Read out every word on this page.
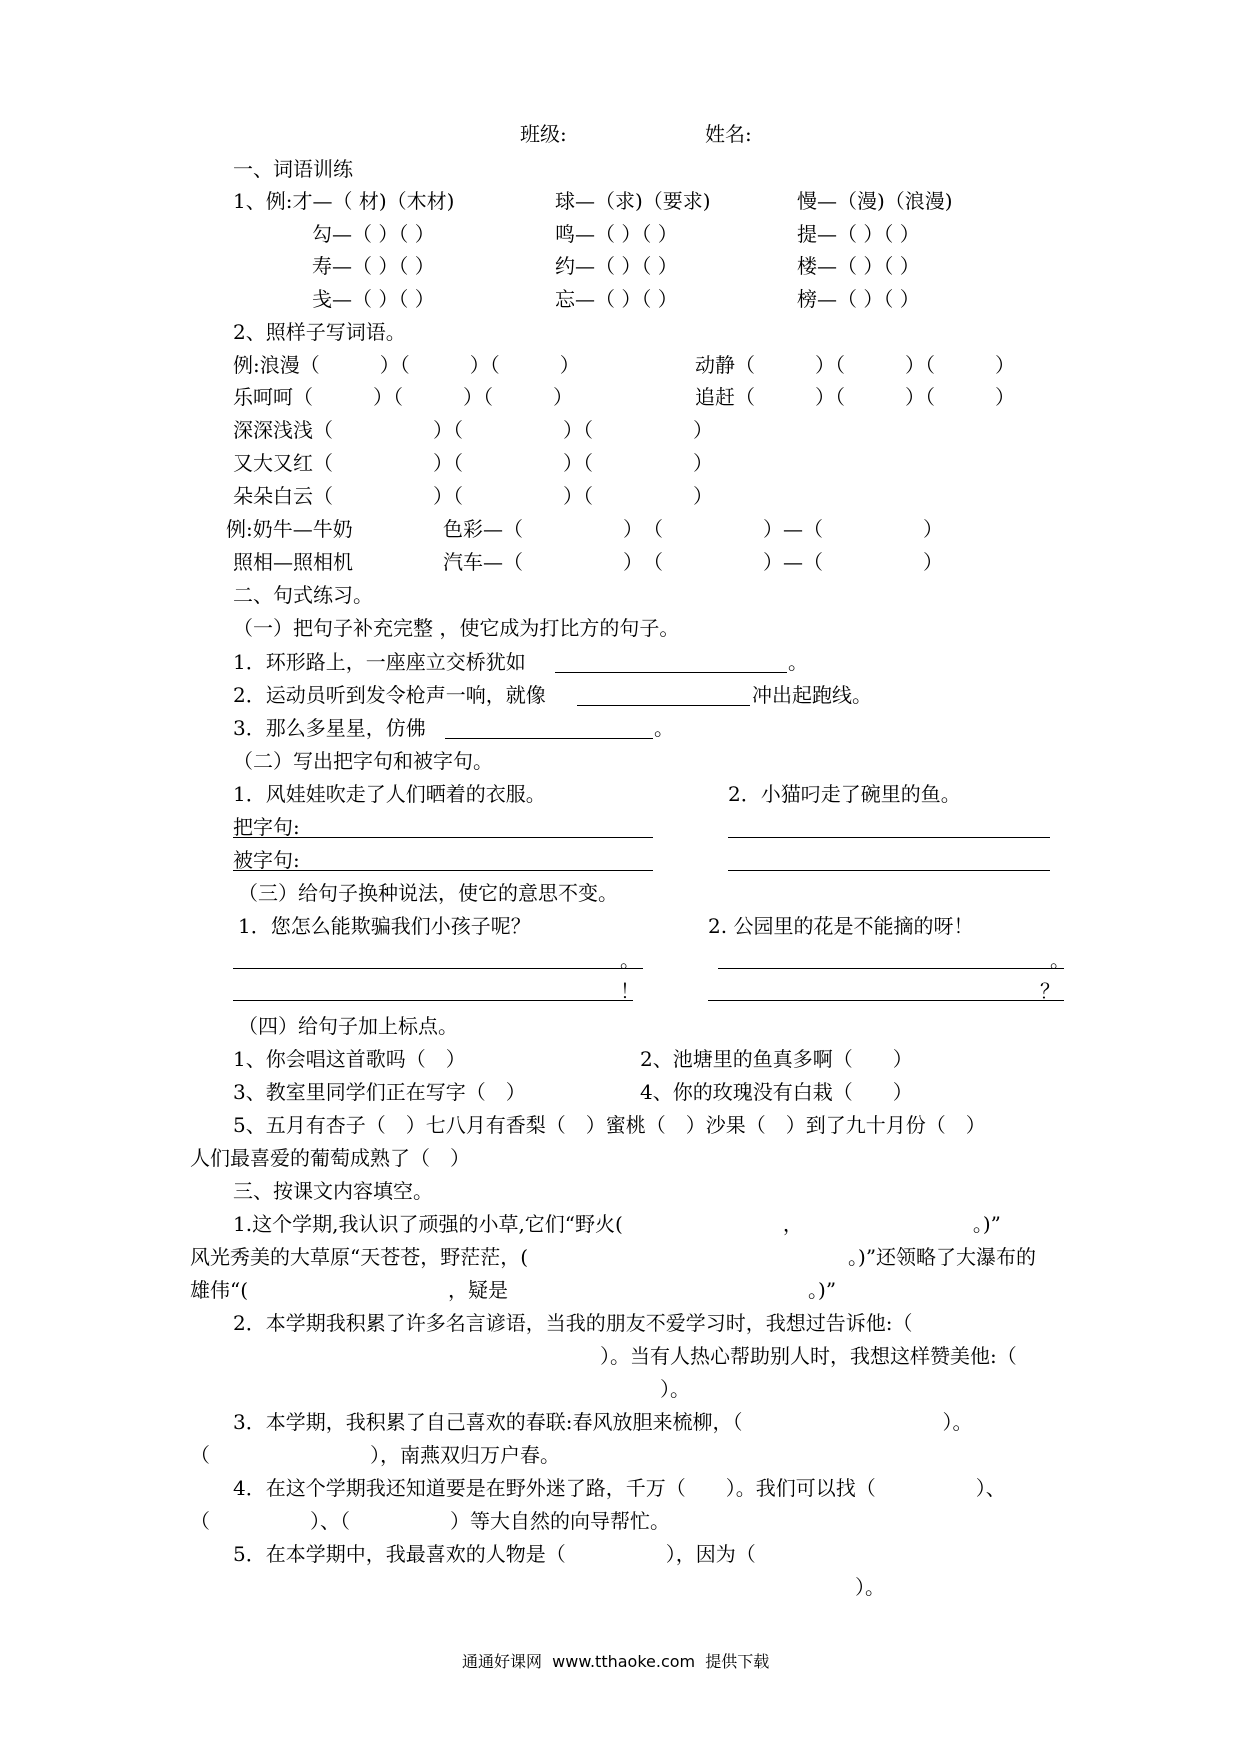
班级:	姓名:
一、词语训练
1、例:才—（ 材)（木材)	球—（求)（要求)	慢—（漫)（浪漫)
勾—（ ）（ ）	鸣—（ ）（ ）	提—（ ）（ ）
寿—（ ）（ ）	约—（ ）（ ）	楼—（ ）（ ）
戋—（ ）（ ）	忘—（ ）（ ）	榜—（ ）（ ）
2、照样子写词语。
例:浪漫（　　　）（　　　）（　　　）	动静（　　　）（　　　）（　　　）
乐呵呵（　　　）（　　　）（　　　）	追赶（　　　）（　　　）（　　　）
深深浅浅（　　　　　）（　　　　　）（　　　　　）
又大又红（　　　　　）（　　　　　）（　　　　　）
朵朵白云（　　　　　）（　　　　　）（　　　　　）
例:奶牛—牛奶	色彩—（　　　　　）　（　　　　　）—（　　　　　）
照相—照相机	汽车—（　　　　　）　（　　　　　）—（　　　　　）
二、句式练习。
（一）把句子补充完整 ，使它成为打比方的句子。
1．环形路上，一座座立交桥犹如	。
2．运动员听到发令枪声一响，就像	冲出起跑线。
3．那么多星星，仿佛	。
（二）写出把字句和被字句。
1．风娃娃吹走了人们晒着的衣服。	2．小猫叼走了碗里的鱼。
把字句:
被字句:
（三）给句子换种说法，使它的意思不变。
1．您怎么能欺骗我们小孩子呢？	2. 公园里的花是不能摘的呀！
。	。
！	？
（四）给句子加上标点。
1、你会唱这首歌吗（　）	2、池塘里的鱼真多啊（　　）
3、教室里同学们正在写字（　）	4、你的玫瑰没有白栽（　　）
5、五月有杏子（　）七八月有香梨（　）蜜桃（　）沙果（　）到了九十月份（　）
人们最喜爱的葡萄成熟了（　）
三、按课文内容填空。
1.这个学期,我认识了顽强的小草,它们“野火(　　　　　　　　，　　　　　　　　　。)”
风光秀美的大草原“天苍苍，野茫茫，(　　　　　　　　　　　　　　　　。)”还领略了大瀑布的
雄伟“(　　　　　　　　　　，疑是　　　　　　　　　　　　　　　。)”
2．本学期我积累了许多名言谚语，当我的朋友不爱学习时，我想过告诉他:（
）。当有人热心帮助别人时，我想这样赞美他:（
）。
3．本学期，我积累了自己喜欢的春联:春风放胆来梳柳，（　　　　　　　　　　）。
（　　　　　　　　），南燕双归万户春。
4．在这个学期我还知道要是在野外迷了路，千万（　　）。我们可以找（　　　　　）、
（　　　　　）、（　　　　　）等大自然的向导帮忙。
5．在本学期中，我最喜欢的人物是（　　　　　），因为（
）。
通通好课网  www.tthaoke.com  提供下载
